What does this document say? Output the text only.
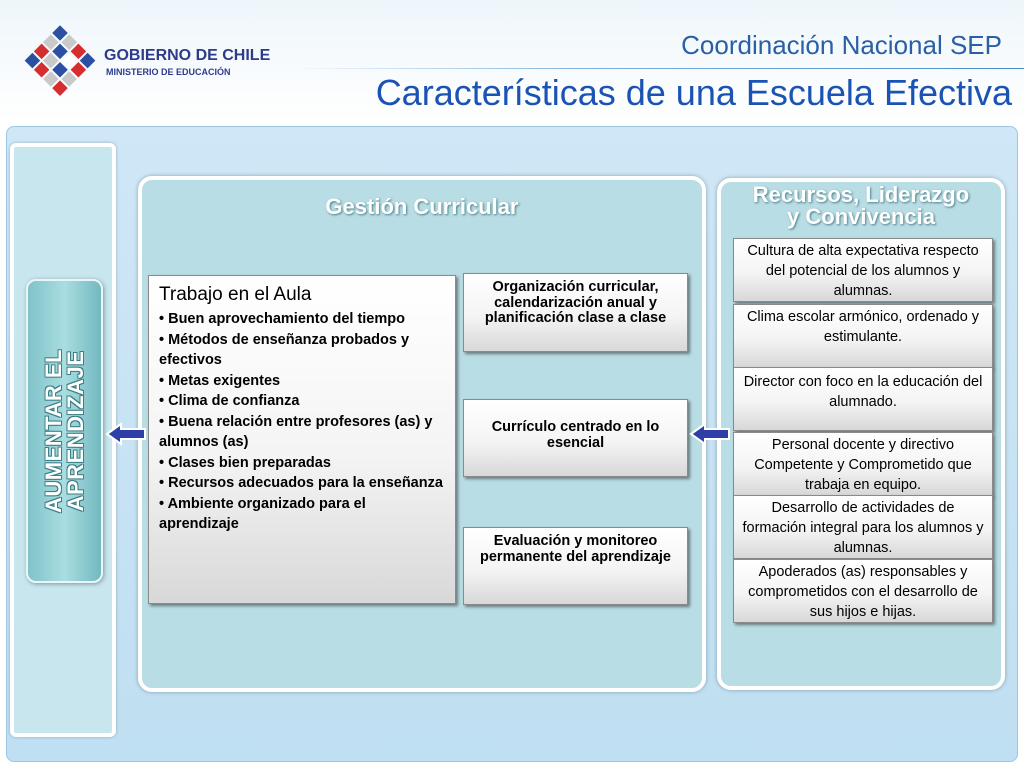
GOBIERNO DE CHILE
MINISTERIO DE EDUCACIÓN
Coordinación Nacional SEP
Características de una Escuela Efectiva
AUMENTAR EL
APRENDIZAJE
Gestión Curricular	Recursos, Liderazgo
y Convivencia
Trabajo en el Aula
• Buen aprovechamiento del tiempo
• Métodos de enseñanza probados y efectivos
• Metas exigentes
• Clima de confianza
• Buena relación entre profesores (as) y alumnos (as)
• Clases bien preparadas
• Recursos adecuados para la enseñanza
• Ambiente organizado para el aprendizaje
Organización curricular, calendarización anual y planificación clase a clase
Currículo centrado en lo esencial
Evaluación y monitoreo permanente del aprendizaje
Cultura de alta expectativa respecto del potencial de los alumnos y alumnas.
Clima escolar armónico, ordenado y estimulante.
Director con foco en la educación del alumnado.
Personal docente y directivo Competente y Comprometido que trabaja en equipo.
Desarrollo de actividades de formación integral para los alumnos y alumnas.
Apoderados (as) responsables y comprometidos con el desarrollo de sus hijos e hijas.
